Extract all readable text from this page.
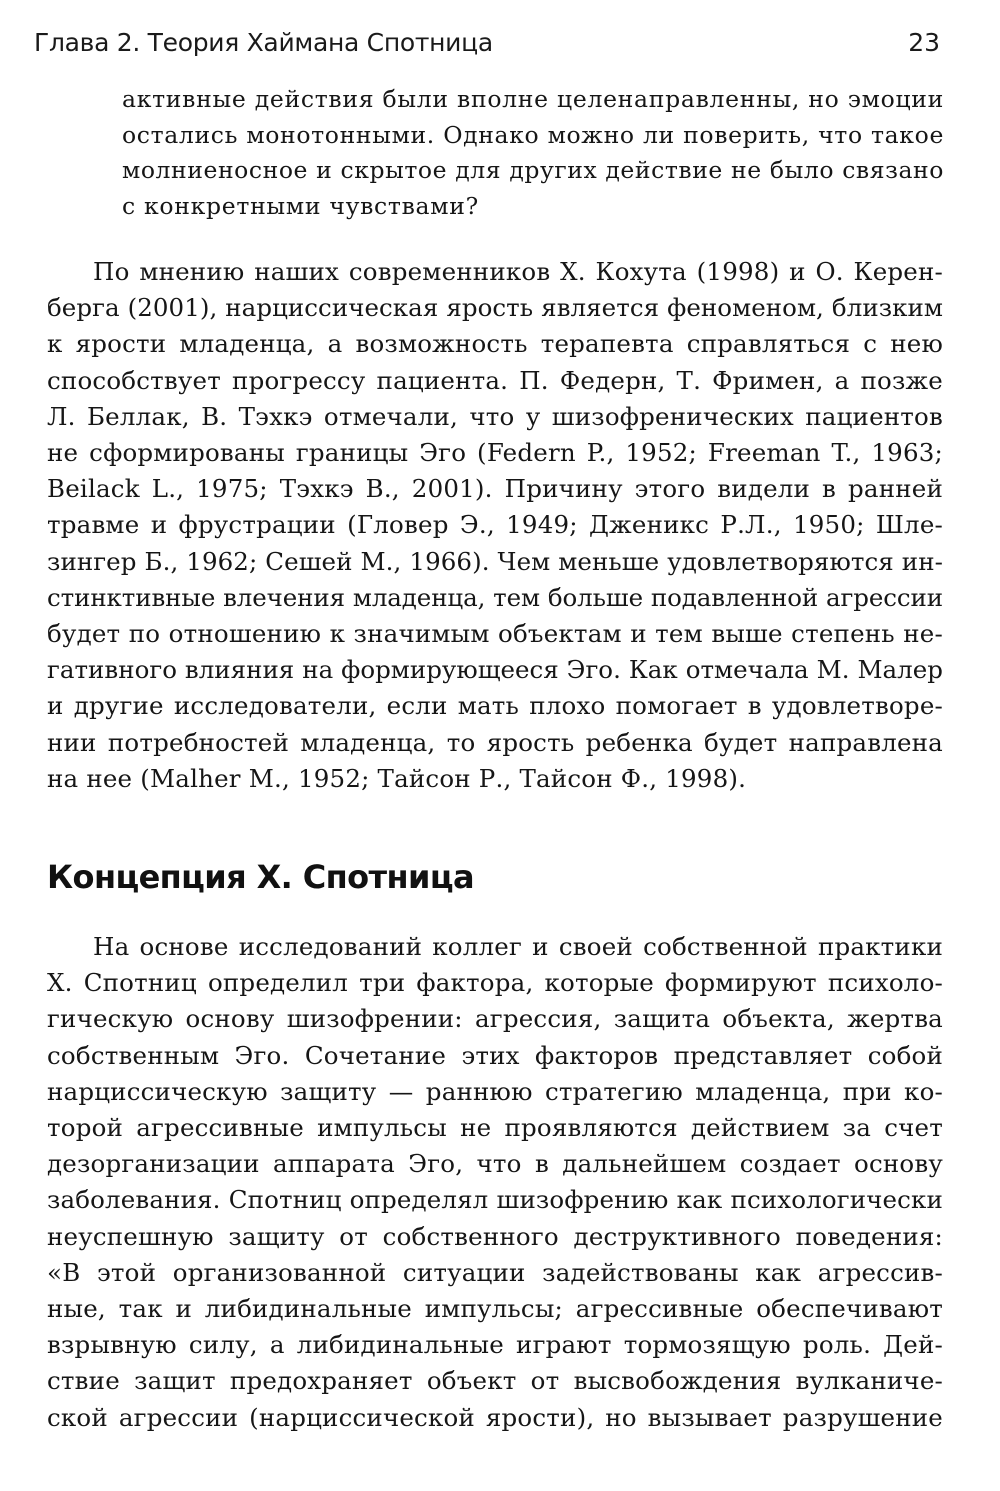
Глава 2. Теория Хаймана Спотница	23
активные действия были вполне целенаправленны, но эмоции
остались монотонными. Однако можно ли поверить, что такое
молниеносное и скрытое для других действие не было связано
с конкретными чувствами?
По мнению наших современников Х. Кохута (1998) и О. Керен-
берга (2001), нарциссическая ярость является феноменом, близким
к ярости младенца, а возможность терапевта справляться с нею
способствует прогрессу пациента. П. Федерн, Т. Фримен, а позже
Л. Беллак, В. Тэхкэ отмечали, что у шизофренических пациентов
не сформированы границы Эго (Federn P., 1952; Freeman T., 1963;
Beilack L., 1975; Тэхкэ В., 2001). Причину этого видели в ранней
травме и фрустрации (Гловер Э., 1949; Дженикс Р.Л., 1950; Шле-
зингер Б., 1962; Сешей М., 1966). Чем меньше удовлетворяются ин-
стинктивные влечения младенца, тем больше подавленной агрессии
будет по отношению к значимым объектам и тем выше степень не-
гативного влияния на формирующееся Эго. Как отмечала М. Малер
и другие исследователи, если мать плохо помогает в удовлетворе-
нии потребностей младенца, то ярость ребенка будет направлена
на нее (Malher M., 1952; Тайсон Р., Тайсон Ф., 1998).
Концепция Х. Спотница
На основе исследований коллег и своей собственной практики
Х. Спотниц определил три фактора, которые формируют психоло-
гическую основу шизофрении: агрессия, защита объекта, жертва
собственным Эго. Сочетание этих факторов представляет собой
нарциссическую защиту — раннюю стратегию младенца, при ко-
торой агрессивные импульсы не проявляются действием за счет
дезорганизации аппарата Эго, что в дальнейшем создает основу
заболевания. Спотниц определял шизофрению как психологически
неуспешную защиту от собственного деструктивного поведения:
«В этой организованной ситуации задействованы как агрессив-
ные, так и либидинальные импульсы; агрессивные обеспечивают
взрывную силу, а либидинальные играют тормозящую роль. Дей-
ствие защит предохраняет объект от высвобождения вулканиче-
ской агрессии (нарциссической ярости), но вызывает разрушение
